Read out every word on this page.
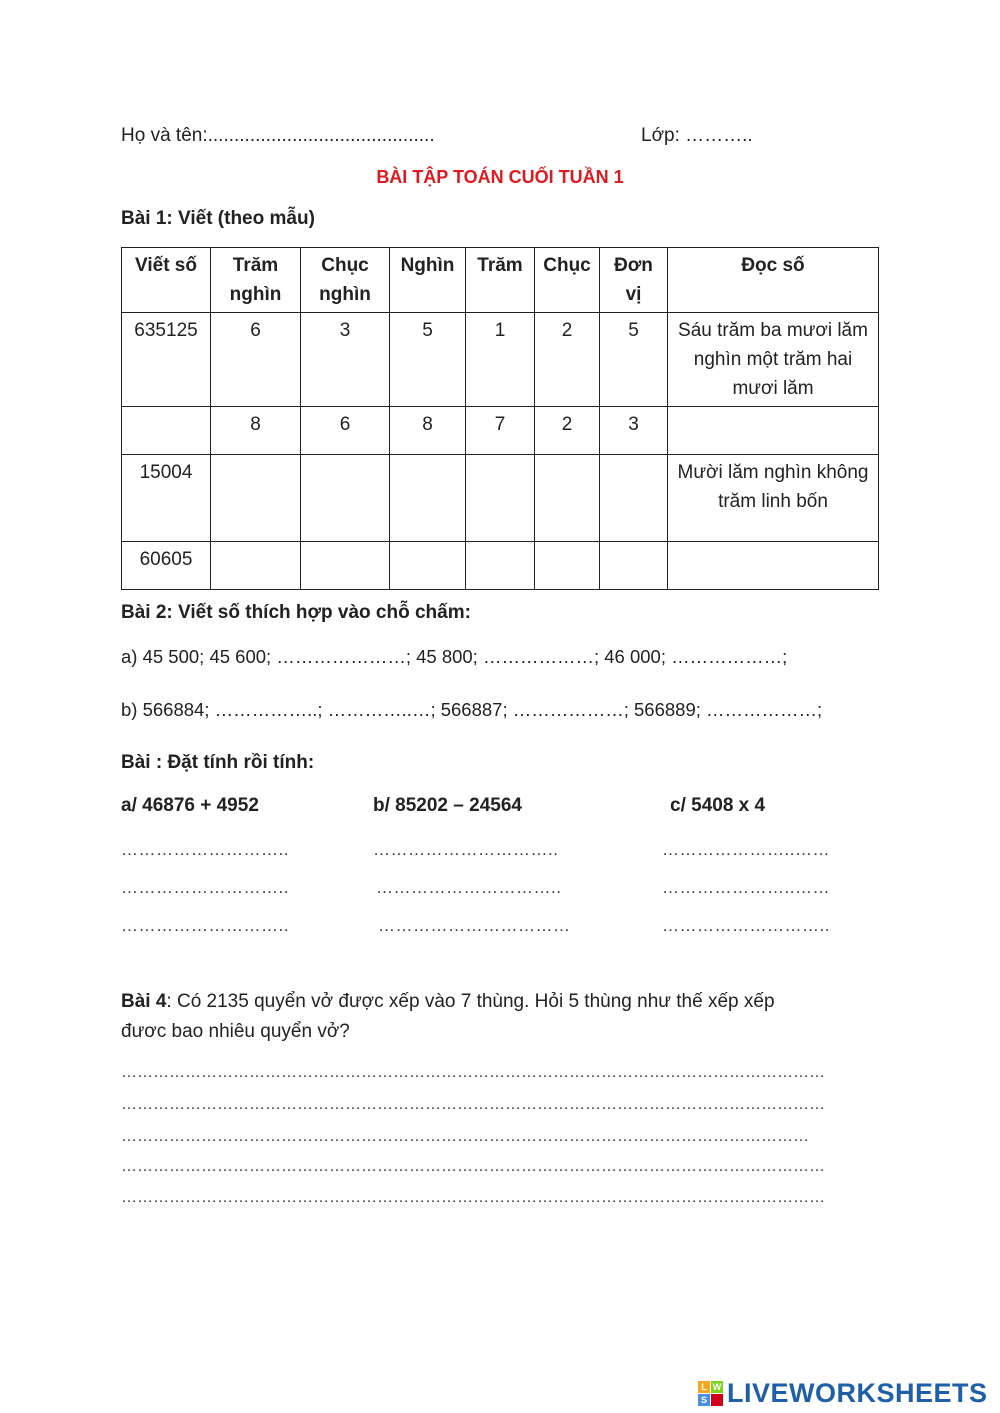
Họ và tên:...........................................	Lớp: ………..
BÀI TẬP TOÁN CUỐI TUẦN 1
Bài 1: Viết (theo mẫu)
Viết số	Trăm nghìn	Chục nghìn	Nghìn	Trăm	Chục	Đơn vị	Đọc số
635125	6	3	5	1	2	5	Sáu trăm ba mươi lăm nghìn một trăm hai mươi lăm
	8	6	8	7	2	3	
15004							Mười lăm nghìn không trăm linh bốn
60605							
Bài 2: Viết số thích hợp vào chỗ chấm:
a) 45 500; 45 600; …………………; 45 800; ………………; 46 000; ………………;
b) 566884; ……………..; …………..…; 566887; ………………; 566889; ………………;
Bài : Đặt tính rồi tính:
a/ 46876 + 4952	b/ 85202 – 24564	c/ 5408 x 4
………………………..
………………………..
………………………..
…………………………..
…………………………..
……………………………
…………………..……
…………………..……
………………………..
Bài 4: Có 2135 quyển vở được xếp vào 7 thùng. Hỏi 5 thùng như thế xếp xếp
đươc bao nhiêu quyển vở?
……………………………………………………………………………………………………………………
……………………………………………………………………………………………………………………
…………………………………………………………………………………………………………………
……………………………………………………………………………………………………………………
……………………………………………………………………………………………………………………
L W
S
LIVEWORKSHEETS
